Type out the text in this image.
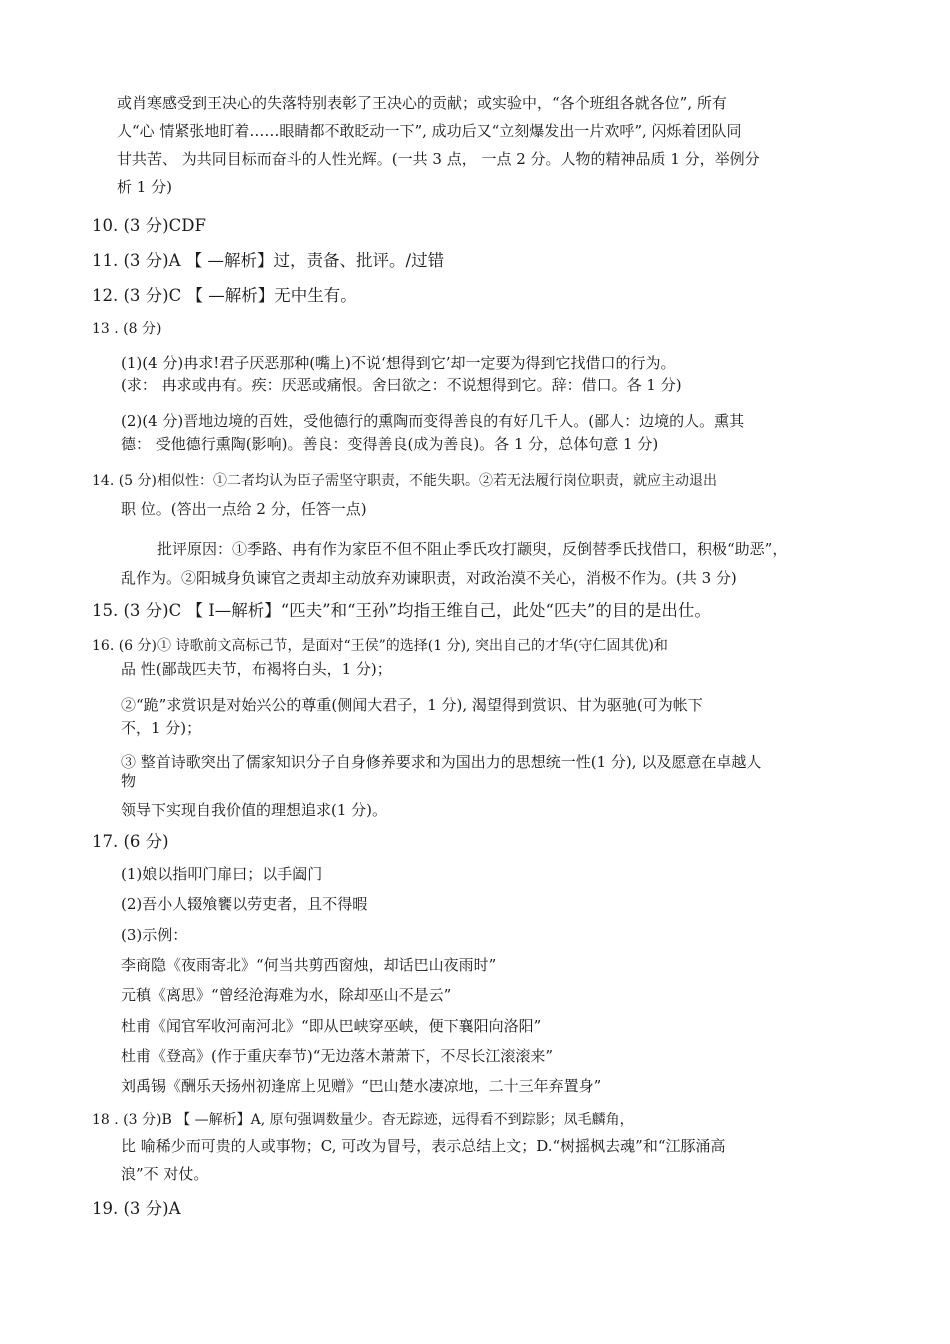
或肖寒感受到王决心的失落特别表彰了王决心的贡献；或实验中，“各个班组各就各位”, 所有
人“心 情紧张地盯着……眼睛都不敢眨动一下”, 成功后又“立刻爆发出一片欢呼”, 闪烁着团队同
甘共苦、 为共同目标而奋斗的人性光辉。(一共 3 点， 一点 2 分。人物的精神品质 1 分，举例分
析 1 分)
10. (3 分)CDF
11. (3 分)A 【 —解析】过，责备、批评。/过错
12. (3 分)C 【 —解析】无中生有。
13 . (8 分)
(1)(4 分)冉求!君子厌恶那种(嘴上)不说‘想得到它’却一定要为得到它找借口的行为。
(求： 冉求或冉有。疾：厌恶或痛恨。舍曰欲之：不说想得到它。辞：借口。各 1 分)
(2)(4 分)晋地边境的百姓，受他德行的熏陶而变得善良的有好几千人。(鄙人：边境的人。熏其
德： 受他德行熏陶(影响)。善良：变得善良(成为善良)。各 1 分，总体句意 1 分)
14. (5 分)相似性：①二者均认为臣子需坚守职责，不能失职。②若无法履行岗位职责，就应主动退出
职 位。(答出一点给 2 分，任答一点)
批评原因：①季路、冉有作为家臣不但不阻止季氏攻打颛臾，反倒替季氏找借口，积极“助恶”，
乱作为。②阳城身负谏官之责却主动放弃劝谏职责，对政治漠不关心，消极不作为。(共 3 分)
15. (3 分)C 【 I—解析】“匹夫”和“王孙”均指王维自己，此处“匹夫”的目的是出仕。
16. (6 分)① 诗歌前文高标己节，是面对“王侯”的选择(1 分), 突出自己的才华(守仁固其优)和
品 性(鄙哉匹夫节，布褐将白头，1 分)；
②“跪”求赏识是对始兴公的尊重(侧闻大君子，1 分), 渴望得到赏识、甘为驱驰(可为帐下
不，1 分)；
③ 整首诗歌突出了儒家知识分子自身修养要求和为国出力的思想统一性(1 分), 以及愿意在卓越人
物
领导下实现自我价值的理想追求(1 分)。
17. (6 分)
(1)娘以指叩门扉曰；以手阖门
(2)吾小人辍飧饔以劳吏者，且不得暇
(3)示例：
李商隐《夜雨寄北》“何当共剪西窗烛，却话巴山夜雨时”
元稹《离思》“曾经沧海难为水，除却巫山不是云”
杜甫《闻官军收河南河北》“即从巴峡穿巫峡，便下襄阳向洛阳”
杜甫《登高》(作于重庆奉节)“无边落木萧萧下，不尽长江滚滚来”
刘禹锡《酬乐天扬州初逢席上见赠》“巴山楚水凄凉地，二十三年弃置身”
18 . (3 分)B 【 —解析】A, 原句强调数量少。杳无踪迹，远得看不到踪影；凤毛麟角，
比 喻稀少而可贵的人或事物；C, 可改为冒号，表示总结上文；D.“树摇枫去魂”和“江豚涌高
浪”不 对仗。
19. (3 分)A
